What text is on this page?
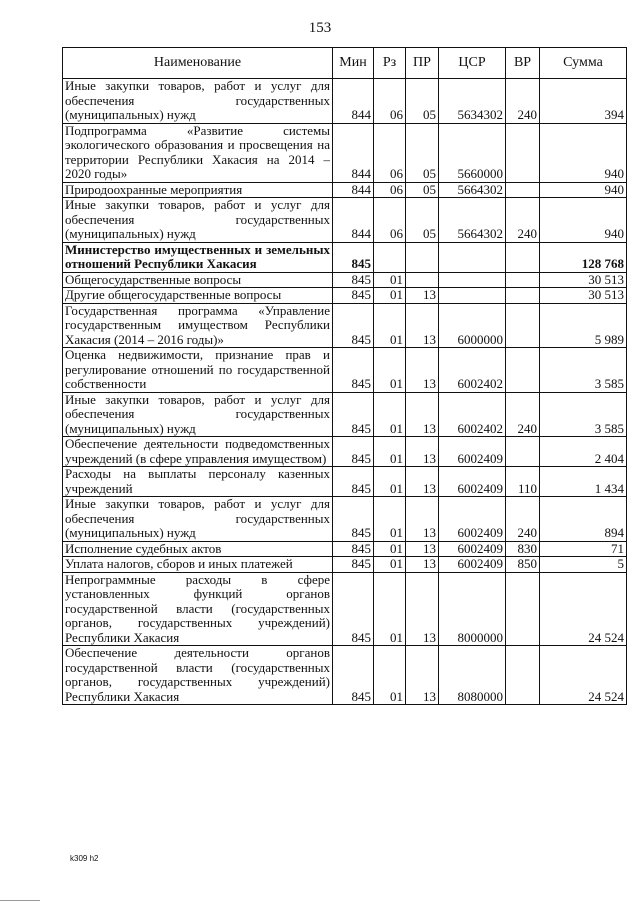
153
Наименование	Мин	Рз	ПР	ЦСР	ВР	Сумма
Иные закупки товаров, работ и услуг для обеспечения государственных (муниципальных) нужд	844	06	05	5634302	240	394
Подпрограмма «Развитие системы экологического образования и просвещения на территории Республики Хакасия на 2014 – 2020 годы»	844	06	05	5660000		940
Природоохранные мероприятия	844	06	05	5664302		940
Иные закупки товаров, работ и услуг для обеспечения государственных (муниципальных) нужд	844	06	05	5664302	240	940
Министерство имущественных и земельных отношений Республики Хакасия	845					128 768
Общегосударственные вопросы	845	01				30 513
Другие общегосударственные вопросы	845	01	13			30 513
Государственная программа «Управление государственным имуществом Республики Хакасия (2014 – 2016 годы)»	845	01	13	6000000		5 989
Оценка недвижимости, признание прав и регулирование отношений по государственной собственности	845	01	13	6002402		3 585
Иные закупки товаров, работ и услуг для обеспечения государственных (муниципальных) нужд	845	01	13	6002402	240	3 585
Обеспечение деятельности подведомственных учреждений (в сфере управления имуществом)	845	01	13	6002409		2 404
Расходы на выплаты персоналу казенных учреждений	845	01	13	6002409	110	1 434
Иные закупки товаров, работ и услуг для обеспечения государственных (муниципальных) нужд	845	01	13	6002409	240	894
Исполнение судебных актов	845	01	13	6002409	830	71
Уплата налогов, сборов и иных платежей	845	01	13	6002409	850	5
Непрограммные расходы в сфере установленных функций органов государственной власти (государственных органов, государственных учреждений) Республики Хакасия	845	01	13	8000000		24 524
Обеспечение деятельности органов государственной власти (государственных органов, государственных учреждений) Республики Хакасия	845	01	13	8080000		24 524
k309 h2
